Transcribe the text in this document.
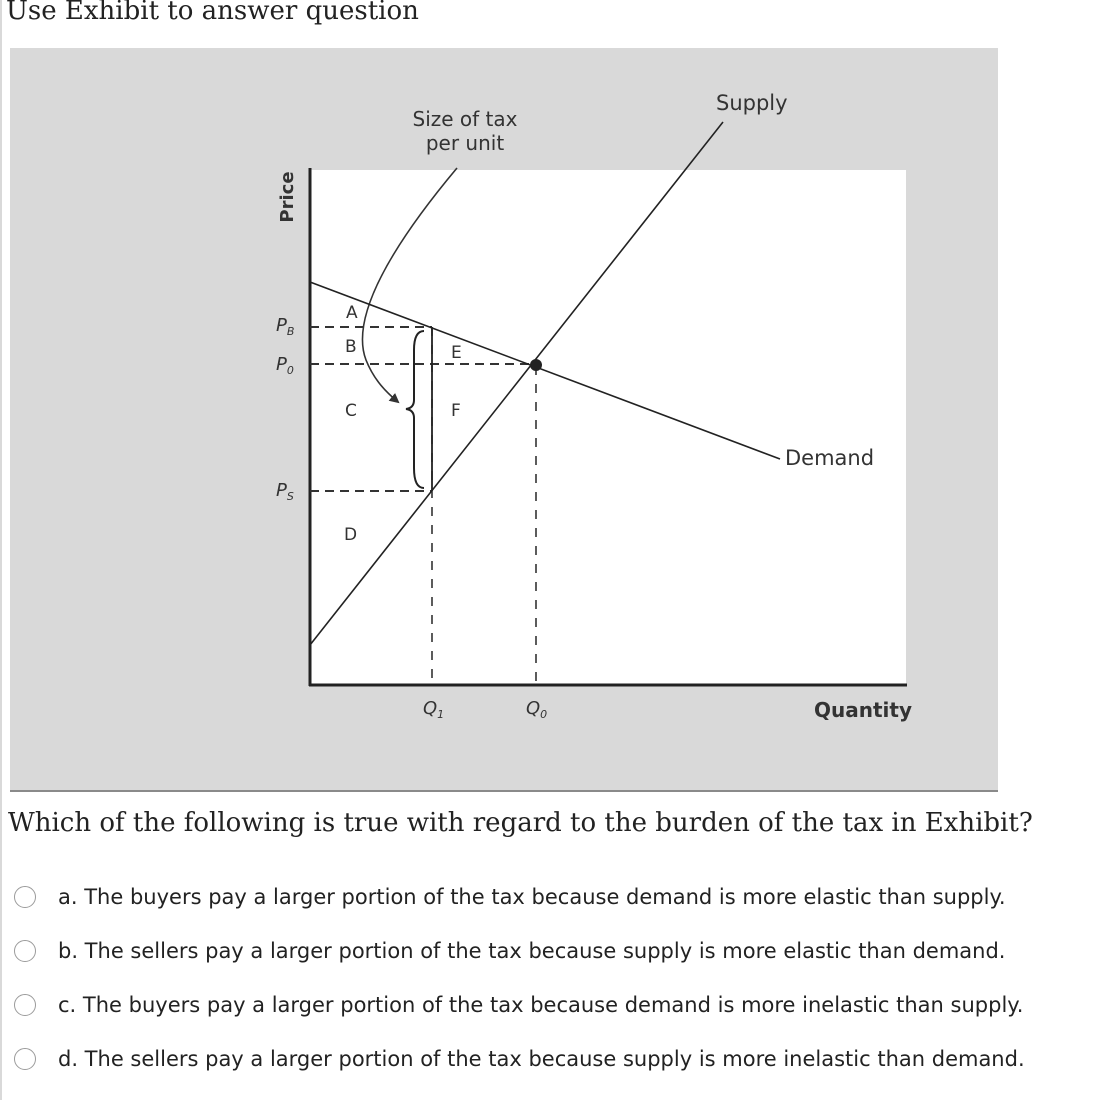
Use Exhibit to answer question
Price
$P_B$
$P_0$
$P_S$
$Q_1$	$Q_0$	Quantity
Supply
Demand
Size of tax
per unit
A
B
C
D
E
F
Which of the following is true with regard to the burden of the tax in Exhibit?
a. The buyers pay a larger portion of the tax because demand is more elastic than supply.
b. The sellers pay a larger portion of the tax because supply is more elastic than demand.
c. The buyers pay a larger portion of the tax because demand is more inelastic than supply.
d. The sellers pay a larger portion of the tax because supply is more inelastic than demand.
